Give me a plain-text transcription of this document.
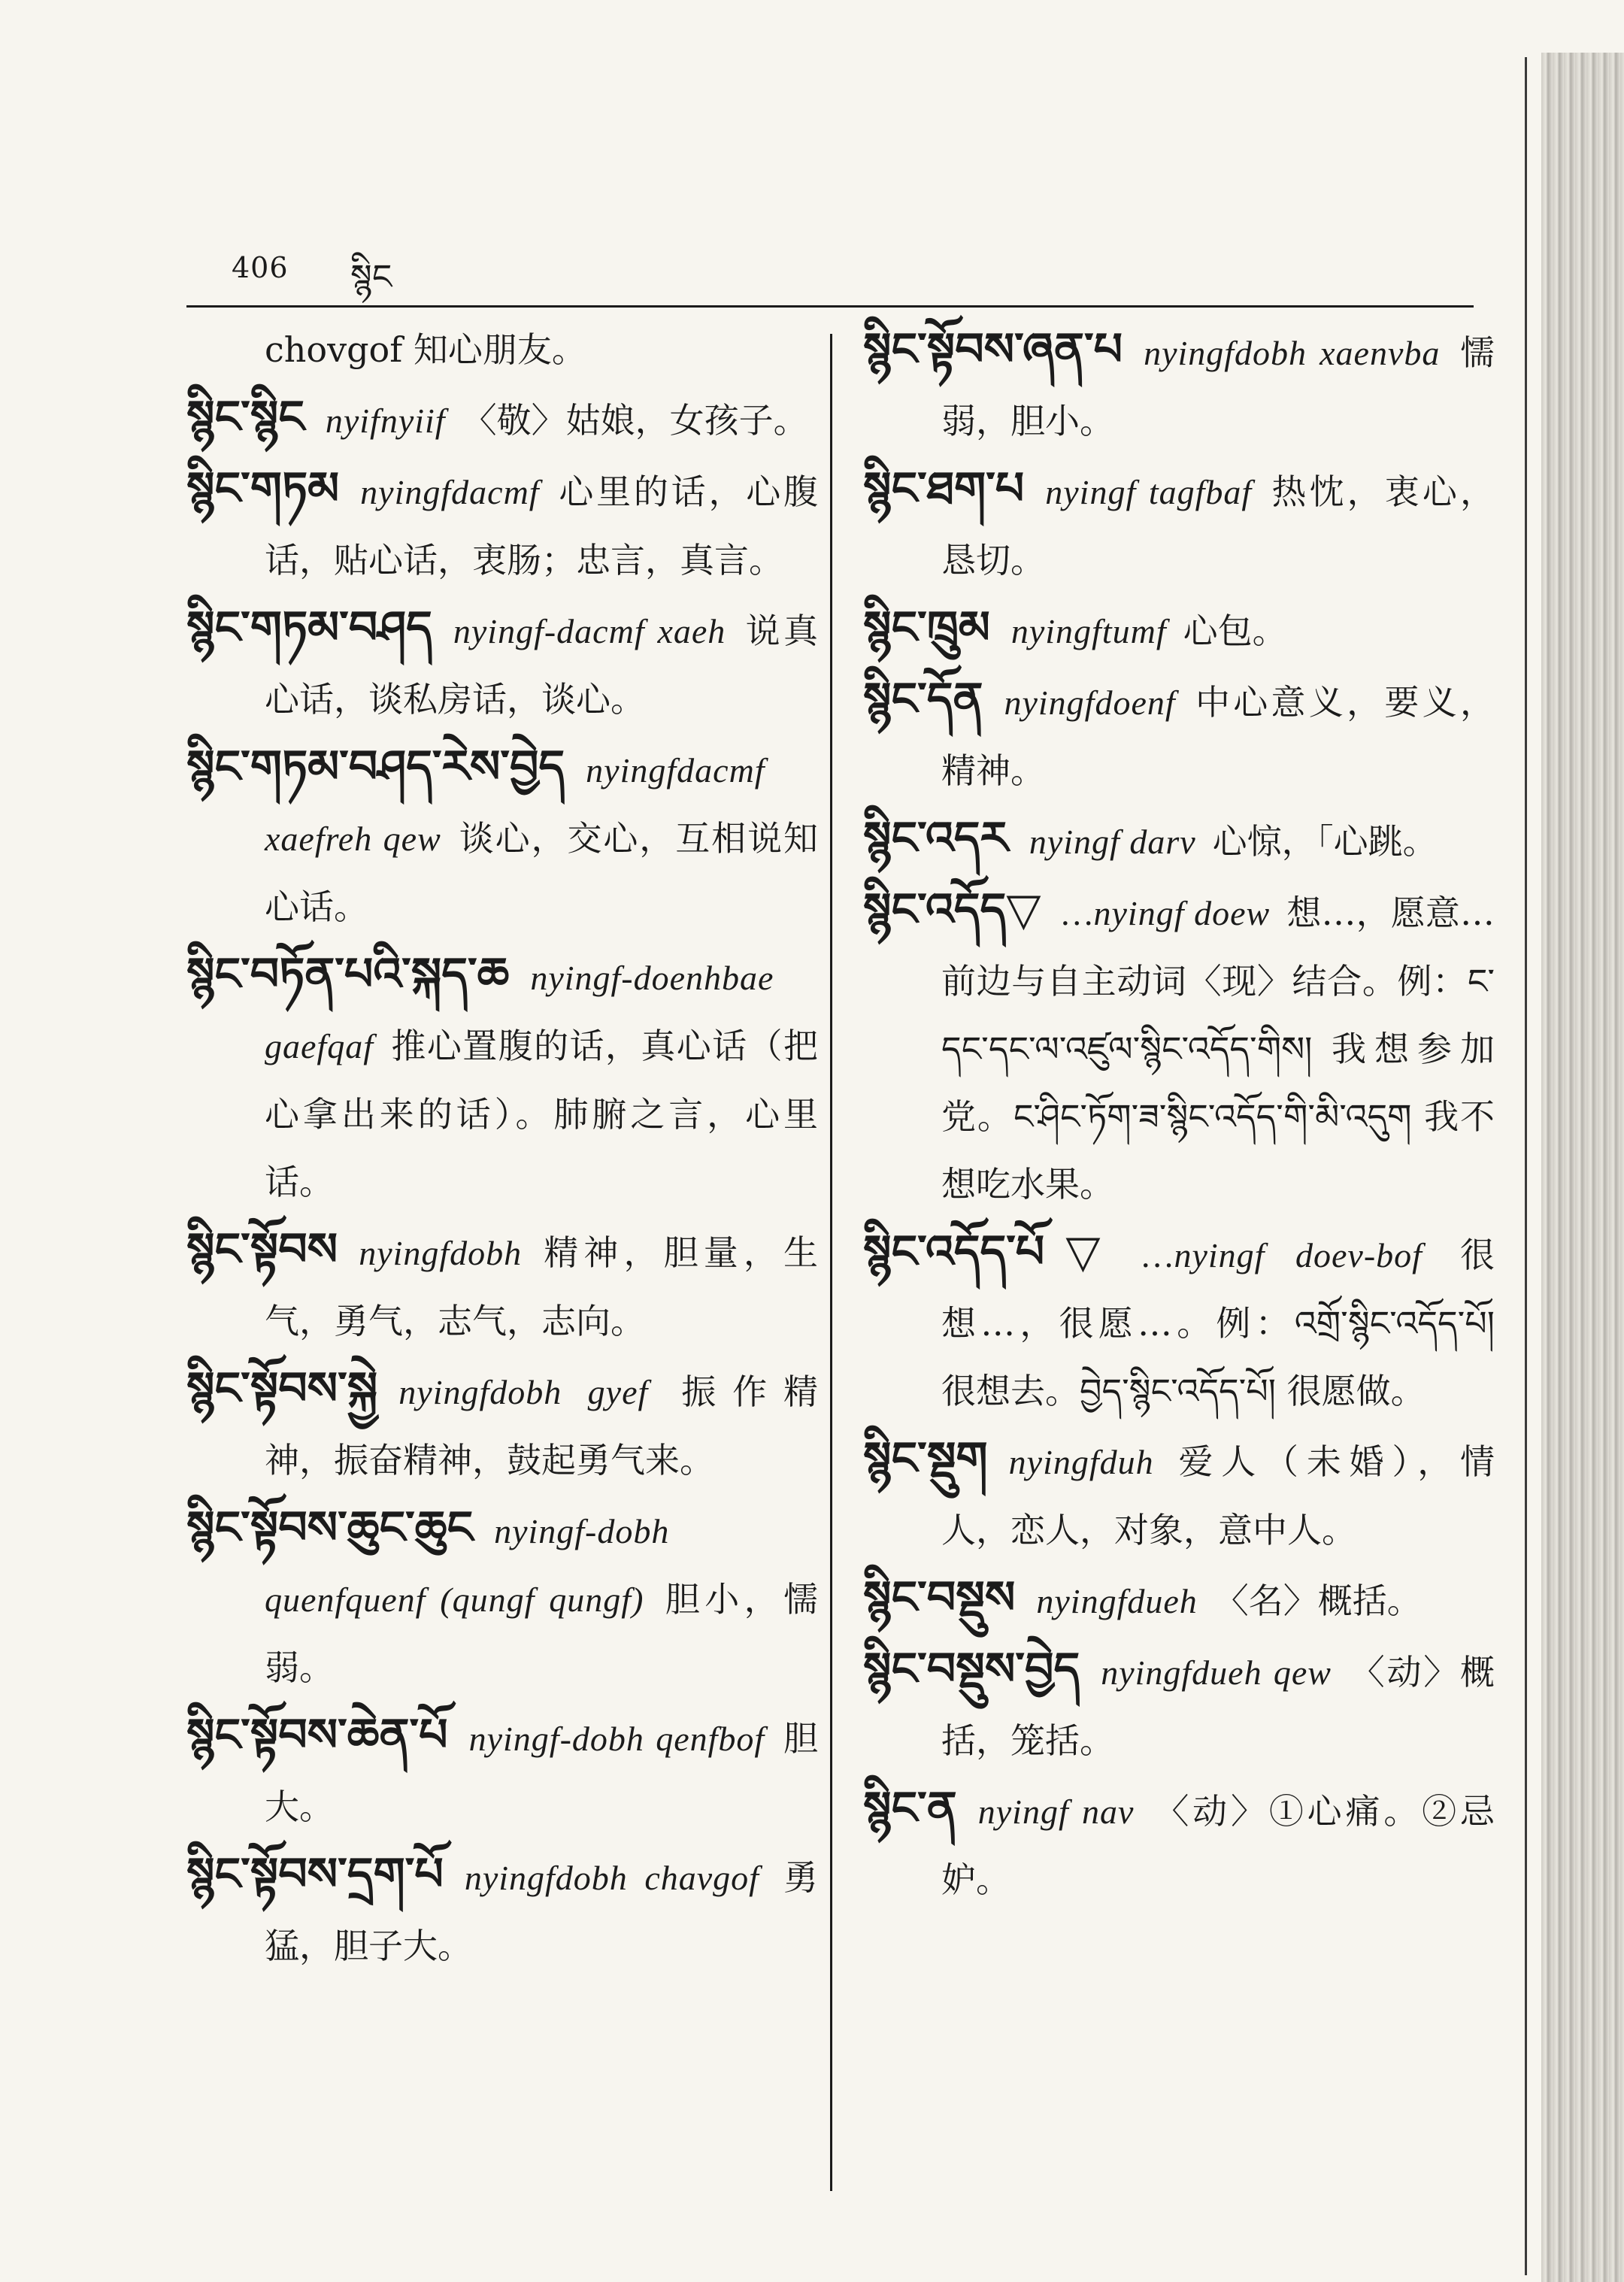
406 སྙིང

chovgof 知心朋友。

སྙིང་སྙིང nyifnyiif 〈敬〉姑娘，女孩子。

སྙིང་གཏམ nyingfdacmf 心里的话，心腹话，贴心话，衷肠；忠言，真言。

སྙིང་གཏམ་བཤད nyingf-dacmf xaeh 说真心话，谈私房话，谈心。

སྙིང་གཏམ་བཤད་རེས་བྱེད nyingfdacmf xaefreh qew 谈心，交心，互相说知心话。

སྙིང་བཏོན་པའི་སྐད་ཆ nyingf-doenhbae gaefqaf 推心置腹的话，真心话（把心拿出来的话）。肺腑之言，心里话。

སྙིང་སྟོབས nyingfdobh 精神，胆量，生气，勇气，志气，志向。

སྙིང་སྟོབས་སྐྱེ nyingfdobh gyef 振作精神，振奋精神，鼓起勇气来。

སྙིང་སྟོབས་ཆུང་ཆུང nyingf-dobh quenfquenf (qungf qungf) 胆小，懦弱。

སྙིང་སྟོབས་ཆེན་པོ nyingf-dobh qenfbof 胆大。

སྙིང་སྟོབས་དྲག་པོ nyingfdobh chavgof 勇猛，胆子大。

སྙིང་སྟོབས་ཞན་པ nyingfdobh xaenvba 懦弱，胆小。

སྙིང་ཐག་པ nyingf tagfbaf 热忱，衷心，恳切。

སྙིང་ཁྲུམ nyingftumf 心包。

སྙིང་དོན nyingfdoenf 中心意义，要义，精神。

སྙིང་འདར nyingf darv 心惊，「心跳。

སྙིང་འདོད▽ …nyingf doew 想…，愿意…前边与自主动词〈现〉结合。例：ང་དང་དང་ལ་འཛུལ་སྙིང་འདོད་གིས། 我想参加党。ང་ཤིང་ཏོག་ཟ་སྙིང་འདོད་གི་མི་འདུག 我不想吃水果。

སྙིང་འདོད་པོ▽ …nyingf doev-bof 很想…，很愿…。例：འགྲོ་སྙིང་འདོད་པོ། 很想去。བྱེད་སྙིང་འདོད་པོ། 很愿做。

སྙིང་སྡུག nyingfduh 爱人（未婚），情人，恋人，对象，意中人。

སྙིང་བསྡུས nyingfdueh 〈名〉概括。

སྙིང་བསྡུས་བྱེད nyingfdueh qew 〈动〉概括，笼括。

སྙིང་ན nyingf nav 〈动〉①心痛。②忌妒。
